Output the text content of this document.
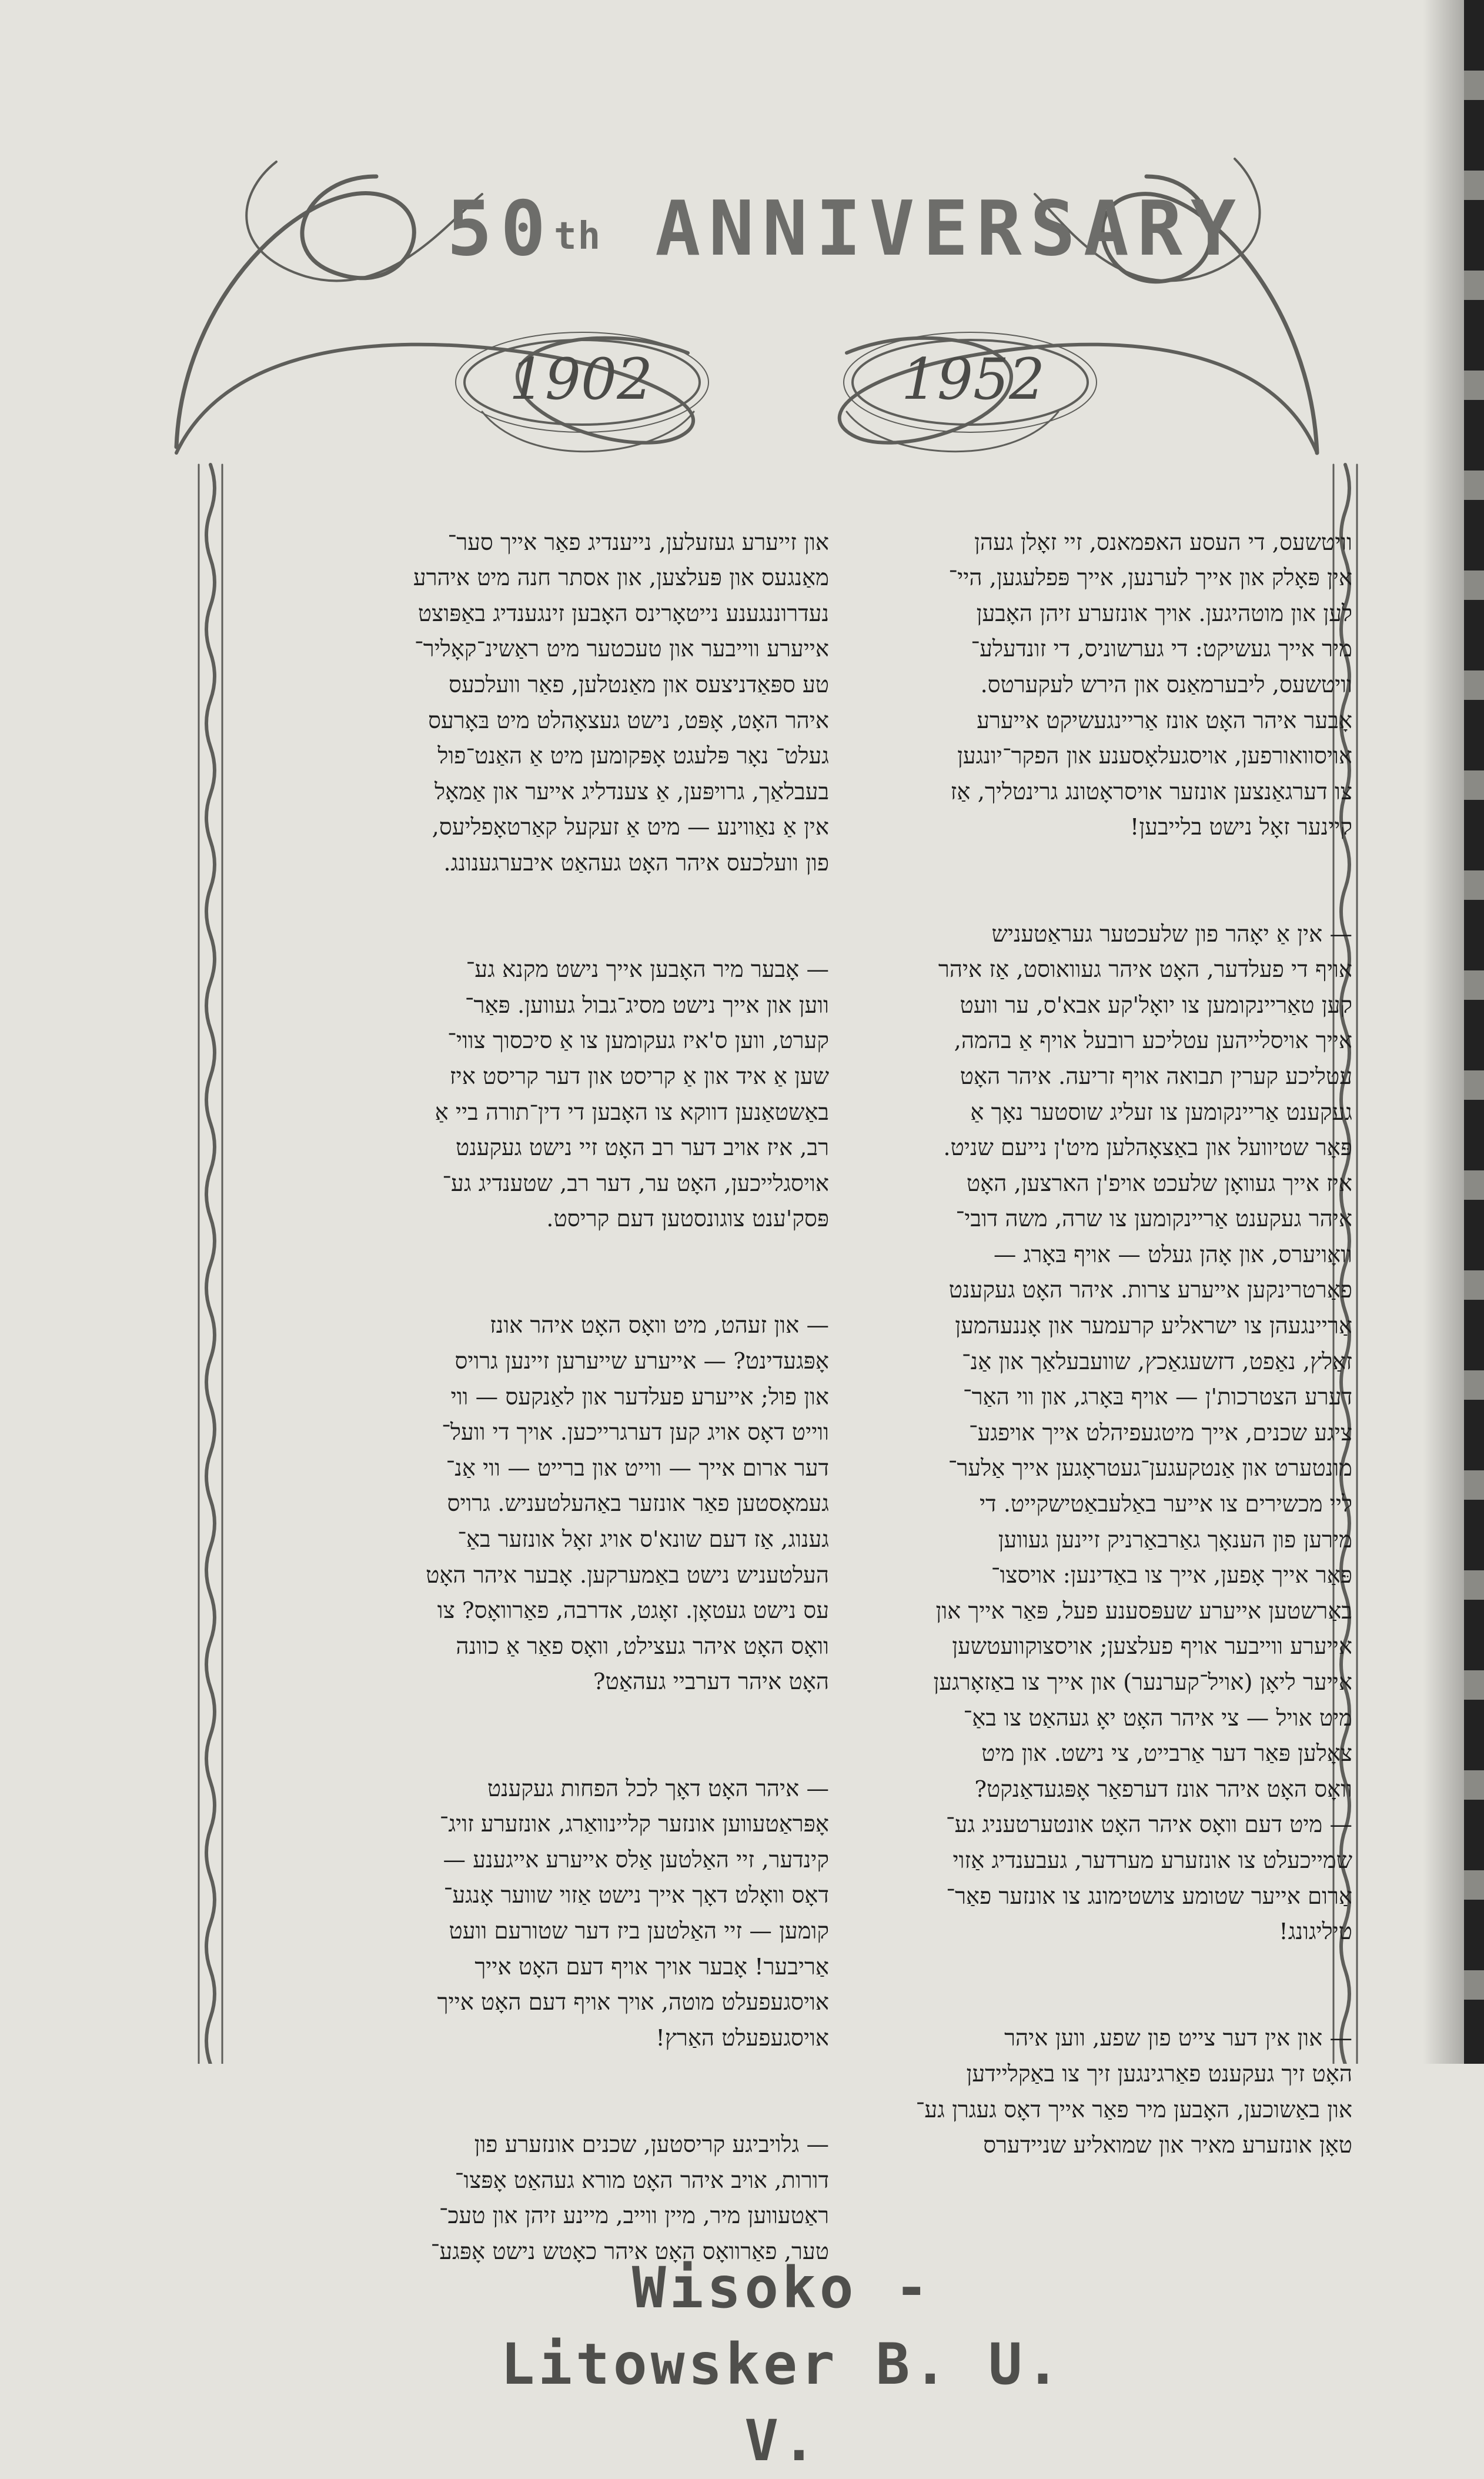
50th ANNIVERSARY
1902	1952

וויטשעס, די העסע האפמאנס, זיי זאָלן געהן
אין פּאָלק און אייך לערנען, אייך פּפלעגען, היי־
לען און מוטהיגען. אויך אונזערע זיהן האָבען
מיר אייך געשיקט: די גערשוניס, די זונדעלע־
וויטשעס, ליבערמאַנס און הירש לעקערטס.
אָבער איהר האָט אונז אַריינגעשיקט אייערע
אויסוואורפען, אויסגעלאָסענע און הפקר־יונגען
צו דערגאַנצען אונזער אויסראָטונג גרינטליך, אַז
קיינער זאָל נישט בלייבען!

— אין אַ יאָהר פון שלעכטער געראַטעניש
אויף די פעלדער, האָט איהר געוואוסט, אַז איהר
קען טאַריינקומען צו יואָל'קע אבא'ס, ער וועט
אייך אויסלייהען עטליכע רובעל אויף אַ בהמה,
עטליכע קערין תבואה אויף זריעה. איהר האָט
געקענט אַריינקומען צו זעליג שוסטער נאָך אַ
פּאָר שטיוועל און באַצאָהלען מיט'ן נייעם שניט.
איז אייך געוואָן שלעכט אויפ'ן הארצען, האָט
איהר געקענט אַריינקומען צו שרה, משה דובי־
וואָויערס, און אָהן געלט — אויף בּאָרג —
פאַרטרינקען אייערע צרות. איהר האָט געקענט
אַריינגעהן צו ישראליע קרעמער און אָננעהמען
זאַלץ, נאַפט, דזשעגאַכץ, שוועבעלאַך און אַנ־
דערע הצטרכות'ן — אויף בּאָרג, און ווי האַר־
ציגע שכנים, אייך מיטגעפיהלט אייך אויפגע־
מונטערט און אַנטקעגען־געטראָגען אייך אַלער־
ליי מכשירים צו אייער באַלעבאַטישקייט. די
מירען פון הענאָך גאַרבאַרניק זיינען געווען
פּאַר אייך אָפען, אייך צו באַדינען: אויסצו־
באַרשטען אייערע שעפּסענע פעל, פּאַר אייך און
אייערע ווייבער אויף פעלצען; אויסצוקוועטשען
אייער ליאָן (אויל־קערנער) און אייך צו באַזאָרגען
מיט אויל — צי איהר האָט יאָ געהאַט צו באַ־
צאָלען פּאַר דער אַרבייט, צי נישט. און מיט
וואָס האָט איהר אונז דערפאַר אָפּגעדאַנקט?
— מיט דעם וואָס איהר האָט אונטערטעניג גע־
שמייכעלט צו אונזערע מערדער, געבענדיג אַזוי
אַרום אייער שטומע צושטימונג צו אונזער פאַר־
טיליגונג!

— און אין דער צייט פון שפע, ווען איהר
האָט זיך געקענט פאַרגינגען זיך צו באַקליידען
און באַשוכען, האָבען מיר פאַר אייך דאָס געגרן גע־
טאָן אונזערע מאיר און שמואליע שניידערס

און זייערע געזעלען, נייענדיג פאַר אייך סער־
מאַנגעס און פּעלצען, און אסתר חנה מיט איהרע
נעדרוננגענע נייטאָרינס האָבען זינגענדיג באַפּוצט
אייערע ווייבער און טעכטער מיט ראַשינ־קאָליר־
טע ספּאַדניצעס און מאַנטלען, פאַר וועלכעס
איהר האָט, אָפּט, נישט געצאָהלט מיט בּאָרעס
געלט־ נאָר פּלעגט אָפּקומען מיט אַ האַנט־פול
בעבלאַך, גרויפּען, אַ צענדליג אייער און אַמאָל
אין אַ נאַווינע — מיט אַ זעקעל קאַרטאָפליעס,
פון וועלכעס איהר האָט געהאַט איבערגענונג.

— אָבער מיר האָבען אייך נישט מקנא גע־
ווען און אייך נישט מסיג־גבול געווען. פּאַר־
קערט, ווען ס'איז געקומען צו אַ סיכסוך צווי־
שען אַ איד און אַ קריסט און דער קריסט איז
באַשטאַנען דווקא צו האָבען די דין־תורה ביי אַ
רב, איז אויב דער רב האָט זיי נישט געקענט
אויסגלייכען, האָט ער, דער רב, שטענדיג גע־
פּסק'ענט צוגונסטען דעם קריסט.

— און זעהט, מיט וואָס האָט איהר אונז
אָפּגעדינט? — אייערע שייערען זיינען גרויס
און פול; אייערע פעלדער און לאַנקעס — ווי
ווייט דאָס אויג קען דערגרייכען. אויך די וועל־
דער ארום אייך — ווייט און ברייט — ווי אַנ־
געמאָסטען פאַר אונזער באַהעלטעניש. גרויס
גענוג, אַז דעם שונא'ס אויג זאָל אונזער באַ־
העלטעניש נישט באַמערקען. אָבער איהר האָט
עס נישט געטאָן. זאָגט, אדרבה, פאַרוואָס? צו
וואָס האָט איהר געצילט, וואָס פאַר אַ כוונה
האָט איהר דערביי געהאַט?

— איהר האָט דאָך לכל הפחות געקענט
אָפּראַטעווען אונזער קליינוואַרג, אונזערע זויג־
קינדער, זיי האַלטען אַלס אייערע אייגענע —
דאָס וואָלט דאָך אייך נישט אַזוי שווער אָנגע־
קומען — זיי האַלטען ביז דער שטורעם וועט
אַריבער! אָבער אויך אויף דעם האָט אייך
אויסגעפעלט מוטה, אויך אויף דעם האָט אייך
אויסגעפעלט האַרץ!

— גלויביגע קריסטען, שכנים אונזערע פון
דורות, אויב איהר האָט מורא געהאַט אָפּצו־
ראַטעווען מיר, מיין ווייב, מיינע זיהן און טעכ־
טער, פאַרוואָס האָט איהר כאָטש נישט אָפּגע־

Wisoko - Litowsker B. U. V.
